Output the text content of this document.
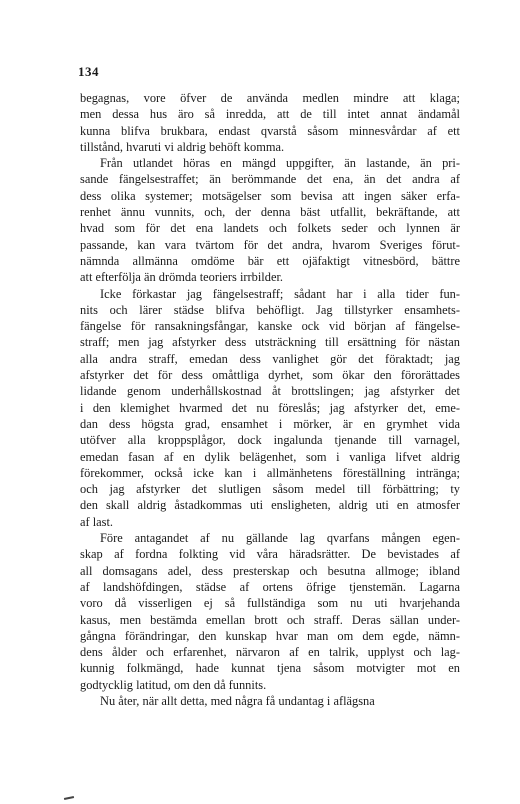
134
begagnas, vore öfver de använda medlen mindre att klaga;
men dessa hus äro så inredda, att de till intet annat ändamål
kunna blifva brukbara, endast qvarstå såsom minnesvårdar af ett
tillstånd, hvaruti vi aldrig behöft komma.
Från utlandet höras en mängd uppgifter, än lastande, än pri-
sande fängelsestraffet; än berömmande det ena, än det andra af
dess olika systemer; motsägelser som bevisa att ingen säker erfa-
renhet ännu vunnits, och, der denna bäst utfallit, bekräftande, att
hvad som för det ena landets och folkets seder och lynnen är
passande, kan vara tvärtom för det andra, hvarom Sveriges förut-
nämnda allmänna omdöme bär ett ojäfaktigt vitnesbörd, bättre
att efterfölja än drömda teoriers irrbilder.
Icke förkastar jag fängelsestraff; sådant har i alla tider fun-
nits och lärer städse blifva behöfligt. Jag tillstyrker ensamhets-
fängelse för ransakningsfångar, kanske ock vid början af fängelse-
straff; men jag afstyrker dess utsträckning till ersättning för nästan
alla andra straff, emedan dess vanlighet gör det föraktadt; jag
afstyrker det för dess omåttliga dyrhet, som ökar den förorättades
lidande genom underhållskostnad åt brottslingen; jag afstyrker det
i den klemighet hvarmed det nu föreslås; jag afstyrker det, eme-
dan dess högsta grad, ensamhet i mörker, är en grymhet vida
utöfver alla kroppsplågor, dock ingalunda tjenande till varnagel,
emedan fasan af en dylik belägenhet, som i vanliga lifvet aldrig
förekommer, också icke kan i allmänhetens föreställning intränga;
och jag afstyrker det slutligen såsom medel till förbättring; ty
den skall aldrig åstadkommas uti ensligheten, aldrig uti en atmosfer
af last.
Före antagandet af nu gällande lag qvarfans mången egen-
skap af fordna folkting vid våra häradsrätter. De bevistades af
all domsagans adel, dess presterskap och besutna allmoge; ibland
af landshöfdingen, städse af ortens öfrige tjenstemän. Lagarna
voro då visserligen ej så fullständiga som nu uti hvarjehanda
kasus, men bestämda emellan brott och straff. Deras sällan under-
gångna förändringar, den kunskap hvar man om dem egde, nämn-
dens ålder och erfarenhet, närvaron af en talrik, upplyst och lag-
kunnig folkmängd, hade kunnat tjena såsom motvigter mot en
godtycklig latitud, om den då funnits.
Nu åter, när allt detta, med några få undantag i aflägsna
